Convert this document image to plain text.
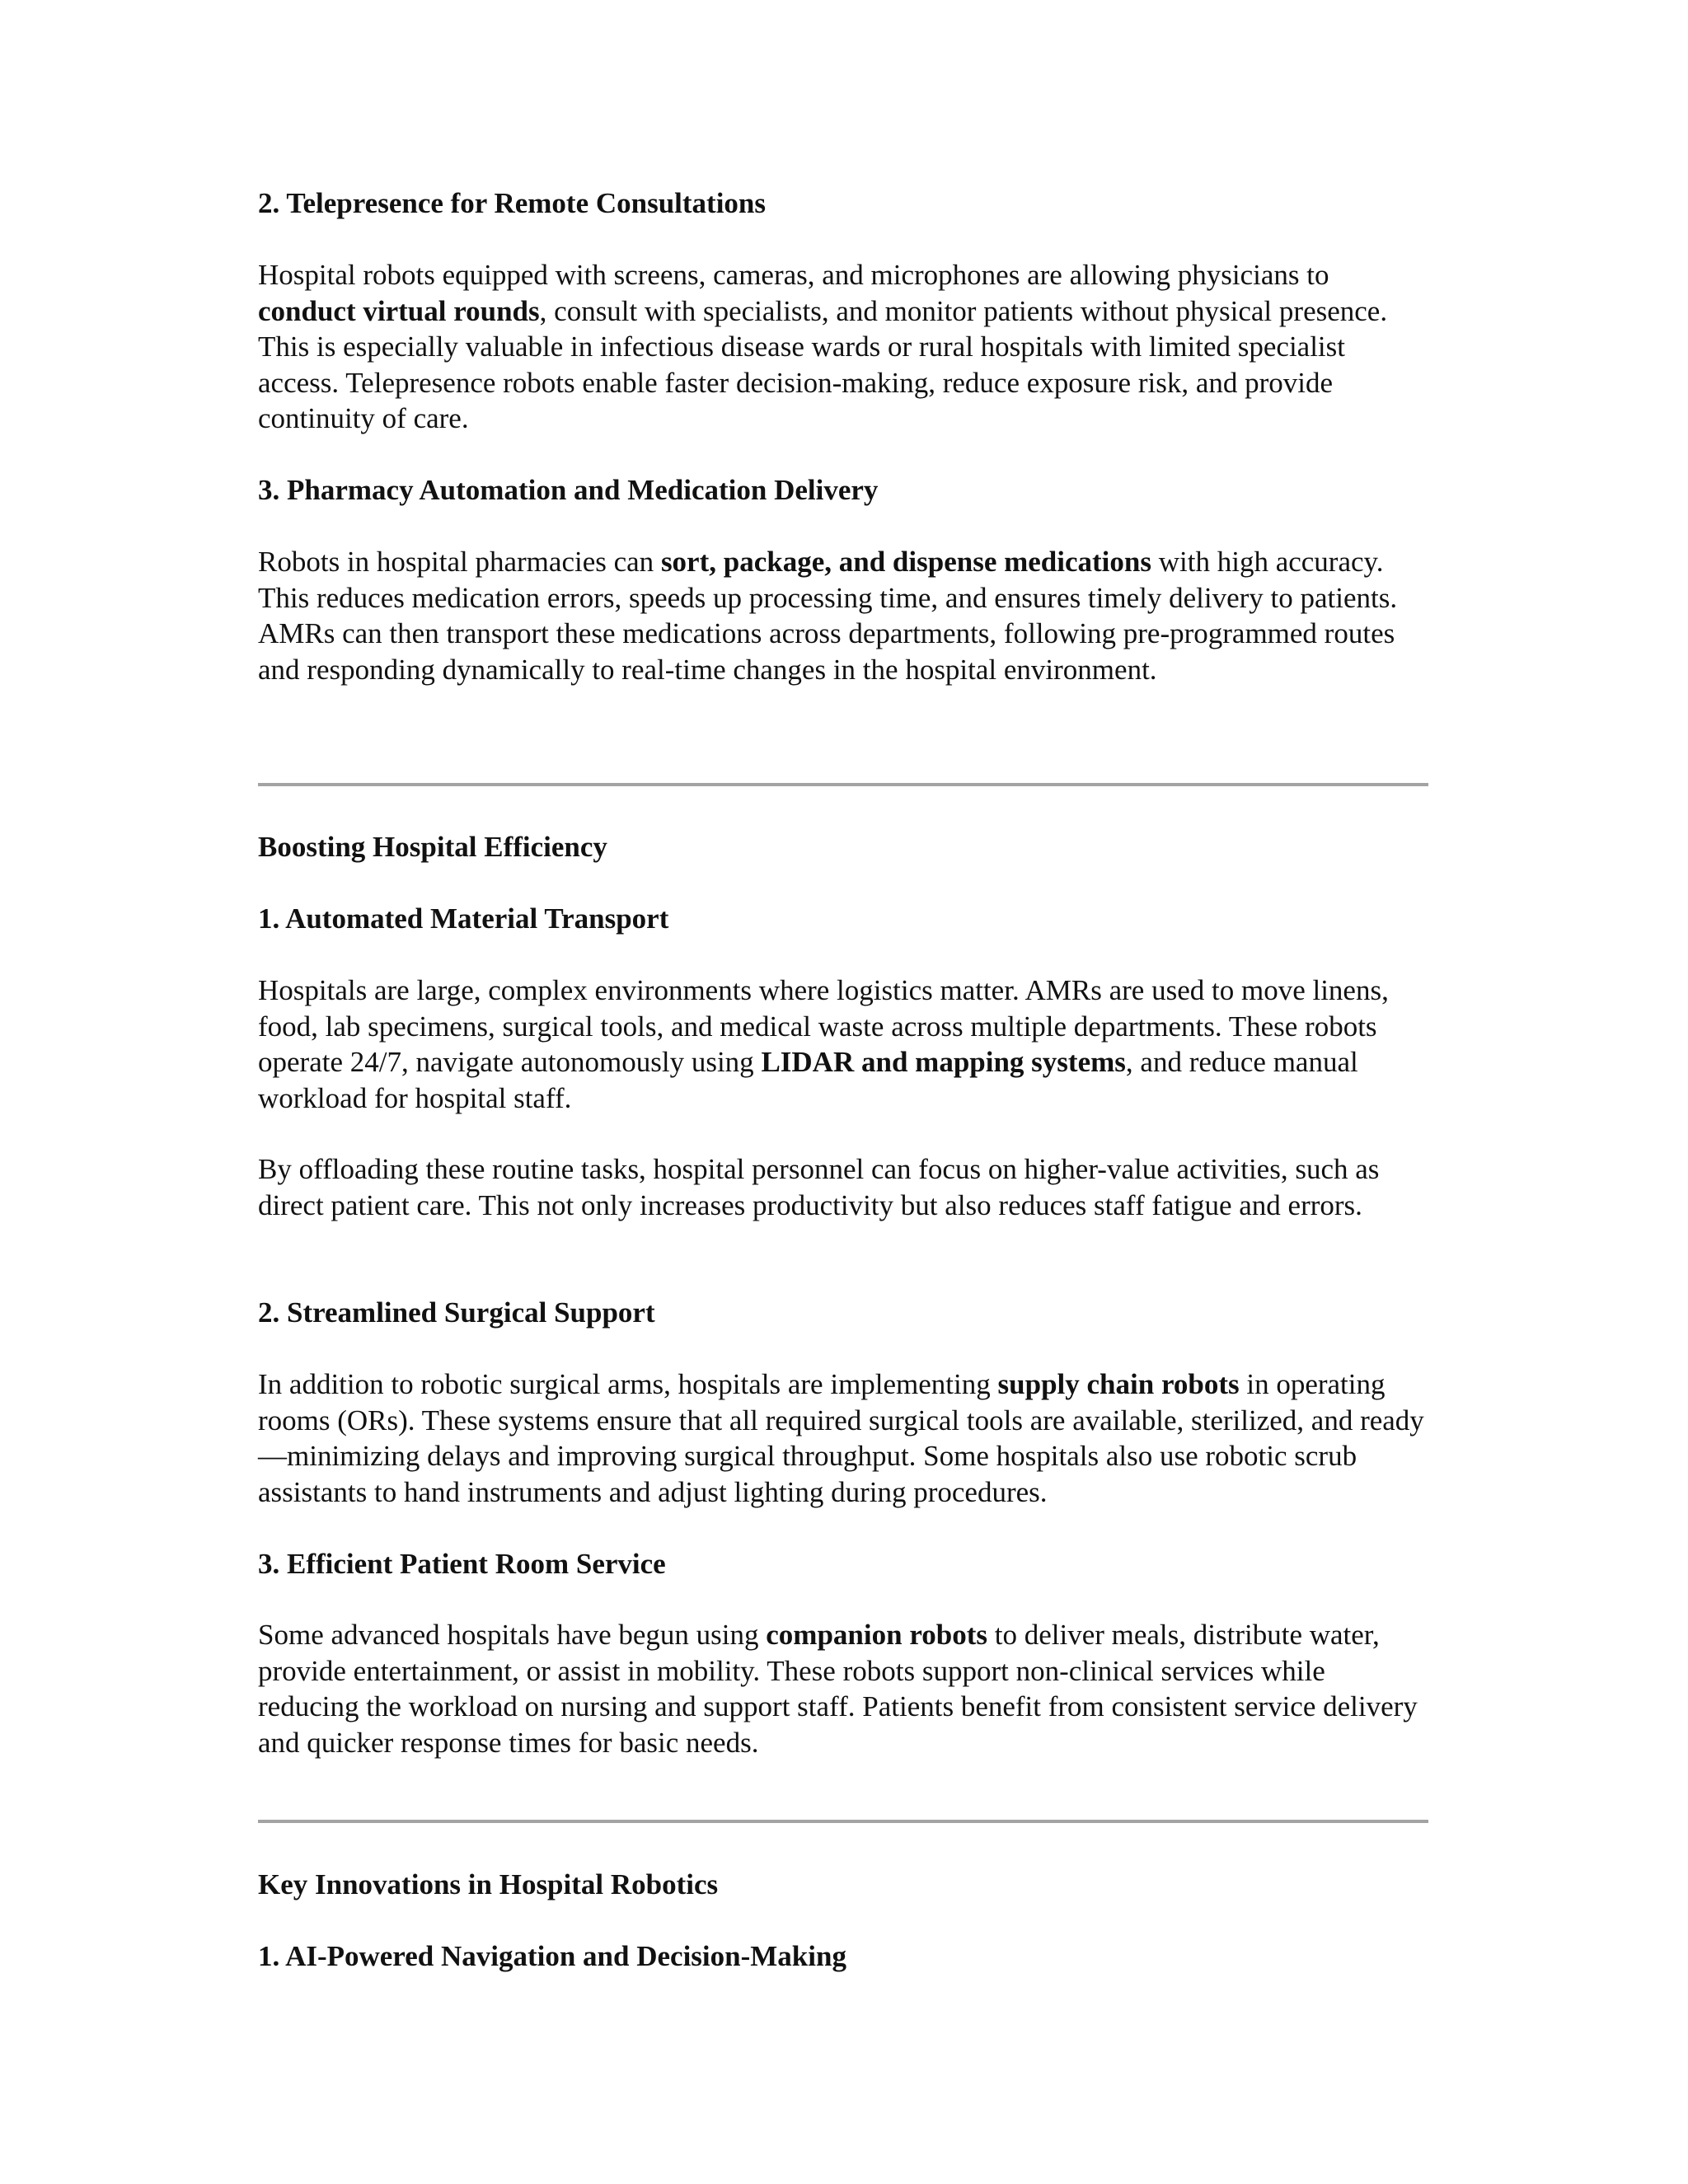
2. Telepresence for Remote Consultations

Hospital robots equipped with screens, cameras, and microphones are allowing physicians to conduct virtual rounds, consult with specialists, and monitor patients without physical presence. This is especially valuable in infectious disease wards or rural hospitals with limited specialist access. Telepresence robots enable faster decision-making, reduce exposure risk, and provide continuity of care.

3. Pharmacy Automation and Medication Delivery

Robots in hospital pharmacies can sort, package, and dispense medications with high accuracy. This reduces medication errors, speeds up processing time, and ensures timely delivery to patients. AMRs can then transport these medications across departments, following pre-programmed routes and responding dynamically to real-time changes in the hospital environment.

Boosting Hospital Efficiency
1. Automated Material Transport

Hospitals are large, complex environments where logistics matter. AMRs are used to move linens, food, lab specimens, surgical tools, and medical waste across multiple departments. These robots operate 24/7, navigate autonomously using LIDAR and mapping systems, and reduce manual workload for hospital staff.

By offloading these routine tasks, hospital personnel can focus on higher-value activities, such as direct patient care. This not only increases productivity but also reduces staff fatigue and errors.

2. Streamlined Surgical Support

In addition to robotic surgical arms, hospitals are implementing supply chain robots in operating rooms (ORs). These systems ensure that all required surgical tools are available, sterilized, and ready—minimizing delays and improving surgical throughput. Some hospitals also use robotic scrub assistants to hand instruments and adjust lighting during procedures.

3. Efficient Patient Room Service

Some advanced hospitals have begun using companion robots to deliver meals, distribute water, provide entertainment, or assist in mobility. These robots support non-clinical services while reducing the workload on nursing and support staff. Patients benefit from consistent service delivery and quicker response times for basic needs.

Key Innovations in Hospital Robotics
1. AI-Powered Navigation and Decision-Making
